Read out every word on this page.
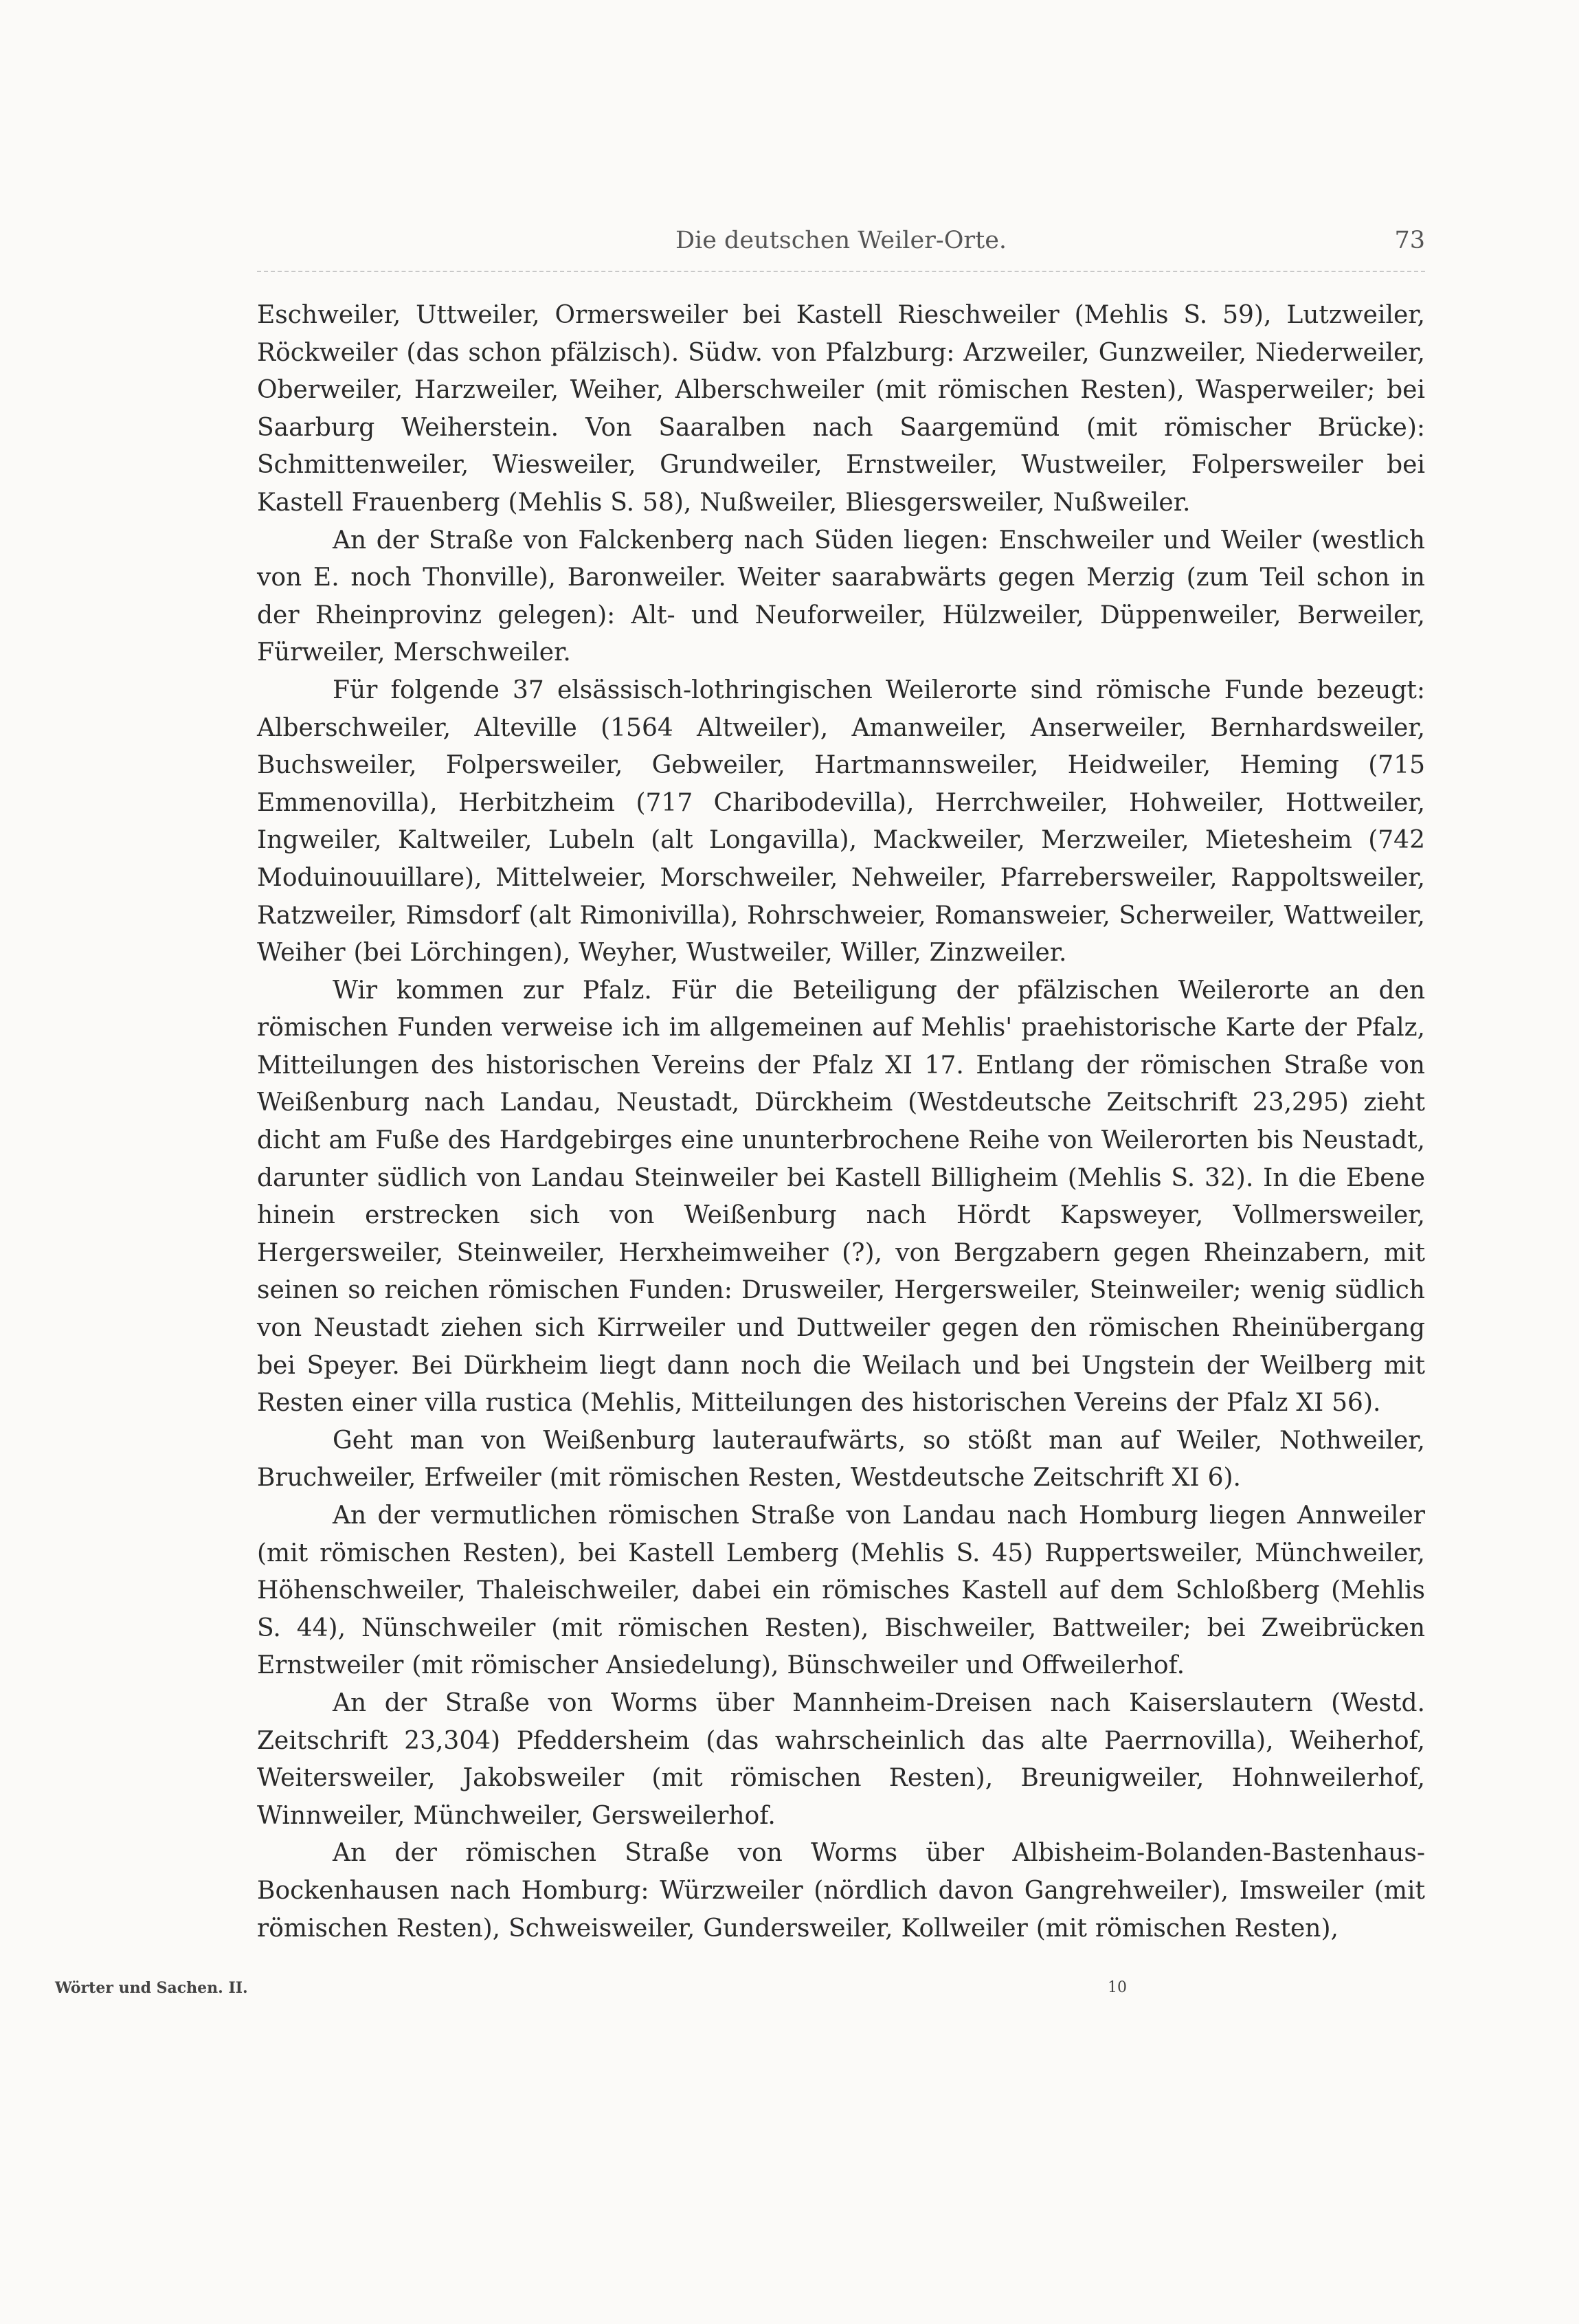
Die deutschen Weiler-Orte.	73

Eschweiler, Uttweiler, Ormersweiler bei Kastell Rieschweiler (Mehlis S. 59), Lutzweiler, Röckweiler (das schon pfälzisch). Südw. von Pfalzburg: Arzweiler, Gunzweiler, Niederweiler, Oberweiler, Harzweiler, Weiher, Alberschweiler (mit römischen Resten), Wasperweiler; bei Saarburg Weiherstein. Von Saaralben nach Saargemünd (mit römischer Brücke): Schmittenweiler, Wiesweiler, Grundweiler, Ernstweiler, Wustweiler, Folpersweiler bei Kastell Frauenberg (Mehlis S. 58), Nußweiler, Bliesgersweiler, Nußweiler.

An der Straße von Falckenberg nach Süden liegen: Enschweiler und Weiler (westlich von E. noch Thonville), Baronweiler. Weiter saarabwärts gegen Merzig (zum Teil schon in der Rheinprovinz gelegen): Alt- und Neuforweiler, Hülzweiler, Düppenweiler, Berweiler, Fürweiler, Merschweiler.

Für folgende 37 elsässisch-lothringischen Weilerorte sind römische Funde bezeugt: Alberschweiler, Alteville (1564 Altweiler), Amanweiler, Anserweiler, Bernhardsweiler, Buchsweiler, Folpersweiler, Gebweiler, Hartmannsweiler, Heidweiler, Heming (715 Emmenovilla), Herbitzheim (717 Charibodevilla), Herrchweiler, Hohweiler, Hottweiler, Ingweiler, Kaltweiler, Lubeln (alt Longavilla), Mackweiler, Merzweiler, Mietesheim (742 Moduinouuillare), Mittelweier, Morschweiler, Nehweiler, Pfarrebersweiler, Rappoltsweiler, Ratzweiler, Rimsdorf (alt Rimonivilla), Rohrschweier, Romansweier, Scherweiler, Wattweiler, Weiher (bei Lörchingen), Weyher, Wustweiler, Willer, Zinzweiler.

Wir kommen zur Pfalz. Für die Beteiligung der pfälzischen Weilerorte an den römischen Funden verweise ich im allgemeinen auf Mehlis' praehistorische Karte der Pfalz, Mitteilungen des historischen Vereins der Pfalz XI 17. Entlang der römischen Straße von Weißenburg nach Landau, Neustadt, Dürckheim (Westdeutsche Zeitschrift 23,295) zieht dicht am Fuße des Hardgebirges eine ununterbrochene Reihe von Weilerorten bis Neustadt, darunter südlich von Landau Steinweiler bei Kastell Billigheim (Mehlis S. 32). In die Ebene hinein erstrecken sich von Weißenburg nach Hördt Kapsweyer, Vollmersweiler, Hergersweiler, Steinweiler, Herxheimweiher (?), von Bergzabern gegen Rheinzabern, mit seinen so reichen römischen Funden: Drusweiler, Hergersweiler, Steinweiler; wenig südlich von Neustadt ziehen sich Kirrweiler und Duttweiler gegen den römischen Rheinübergang bei Speyer. Bei Dürkheim liegt dann noch die Weilach und bei Ungstein der Weilberg mit Resten einer villa rustica (Mehlis, Mitteilungen des historischen Vereins der Pfalz XI 56).

Geht man von Weißenburg lauteraufwärts, so stößt man auf Weiler, Nothweiler, Bruchweiler, Erfweiler (mit römischen Resten, Westdeutsche Zeitschrift XI 6).

An der vermutlichen römischen Straße von Landau nach Homburg liegen Annweiler (mit römischen Resten), bei Kastell Lemberg (Mehlis S. 45) Ruppertsweiler, Münchweiler, Höhenschweiler, Thaleischweiler, dabei ein römisches Kastell auf dem Schloßberg (Mehlis S. 44), Nünschweiler (mit römischen Resten), Bischweiler, Battweiler; bei Zweibrücken Ernstweiler (mit römischer Ansiedelung), Bünschweiler und Offweilerhof.

An der Straße von Worms über Mannheim-Dreisen nach Kaiserslautern (Westd. Zeitschrift 23,304) Pfeddersheim (das wahrscheinlich das alte Paerrnovilla), Weiherhof, Weitersweiler, Jakobsweiler (mit römischen Resten), Breunigweiler, Hohnweilerhof, Winnweiler, Münchweiler, Gersweilerhof.

An der römischen Straße von Worms über Albisheim-Bolanden-Bastenhaus-Bockenhausen nach Homburg: Würzweiler (nördlich davon Gangrehweiler), Imsweiler (mit römischen Resten), Schweisweiler, Gundersweiler, Kollweiler (mit römischen Resten),

Wörter und Sachen. II.	10
